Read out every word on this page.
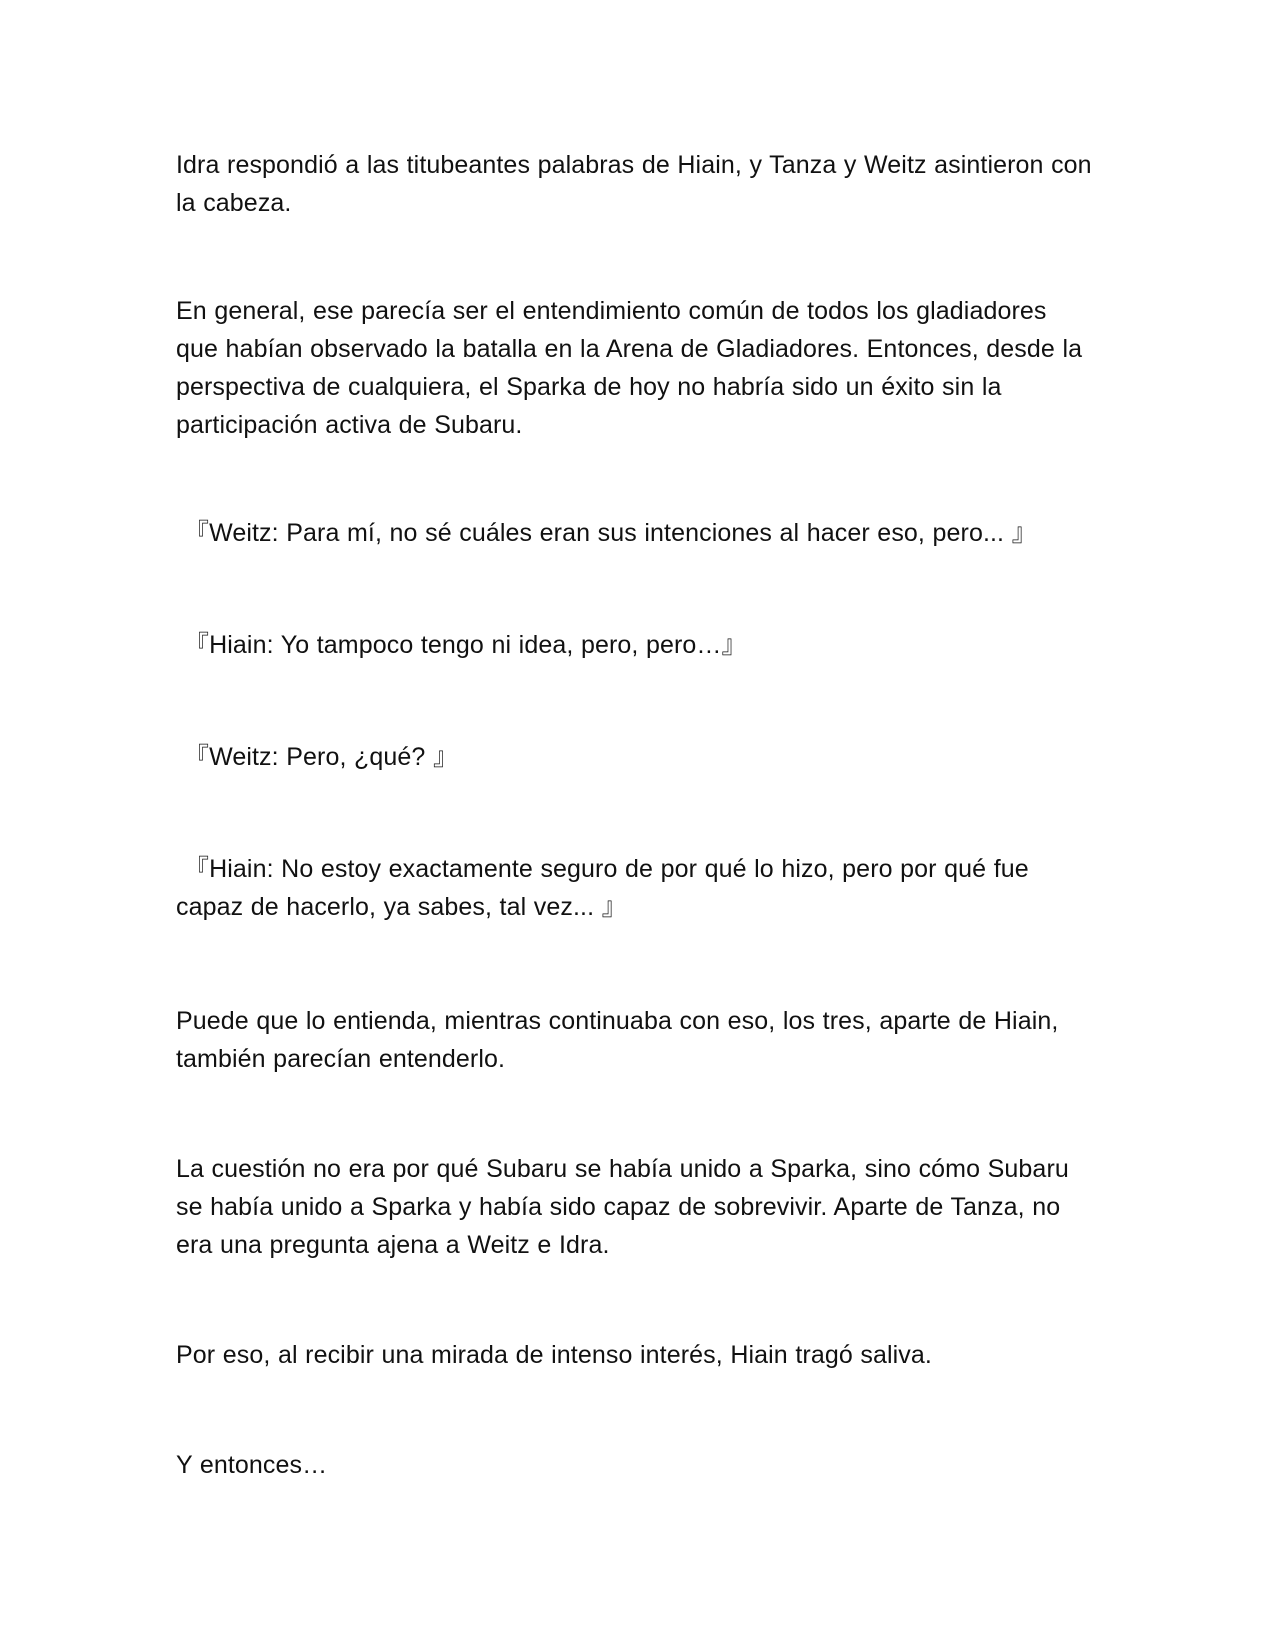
Idra respondió a las titubeantes palabras de Hiain, y Tanza y Weitz asintieron con la cabeza.

En general, ese parecía ser el entendimiento común de todos los gladiadores que habían observado la batalla en la Arena de Gladiadores. Entonces, desde la perspectiva de cualquiera, el Sparka de hoy no habría sido un éxito sin la participación activa de Subaru.

『Weitz: Para mí, no sé cuáles eran sus intenciones al hacer eso, pero... 』

『Hiain: Yo tampoco tengo ni idea, pero, pero…』

『Weitz: Pero, ¿qué? 』

『Hiain: No estoy exactamente seguro de por qué lo hizo, pero por qué fue capaz de hacerlo, ya sabes, tal vez... 』

Puede que lo entienda, mientras continuaba con eso, los tres, aparte de Hiain, también parecían entenderlo.

La cuestión no era por qué Subaru se había unido a Sparka, sino cómo Subaru se había unido a Sparka y había sido capaz de sobrevivir. Aparte de Tanza, no era una pregunta ajena a Weitz e Idra.

Por eso, al recibir una mirada de intenso interés, Hiain tragó saliva.

Y entonces…
